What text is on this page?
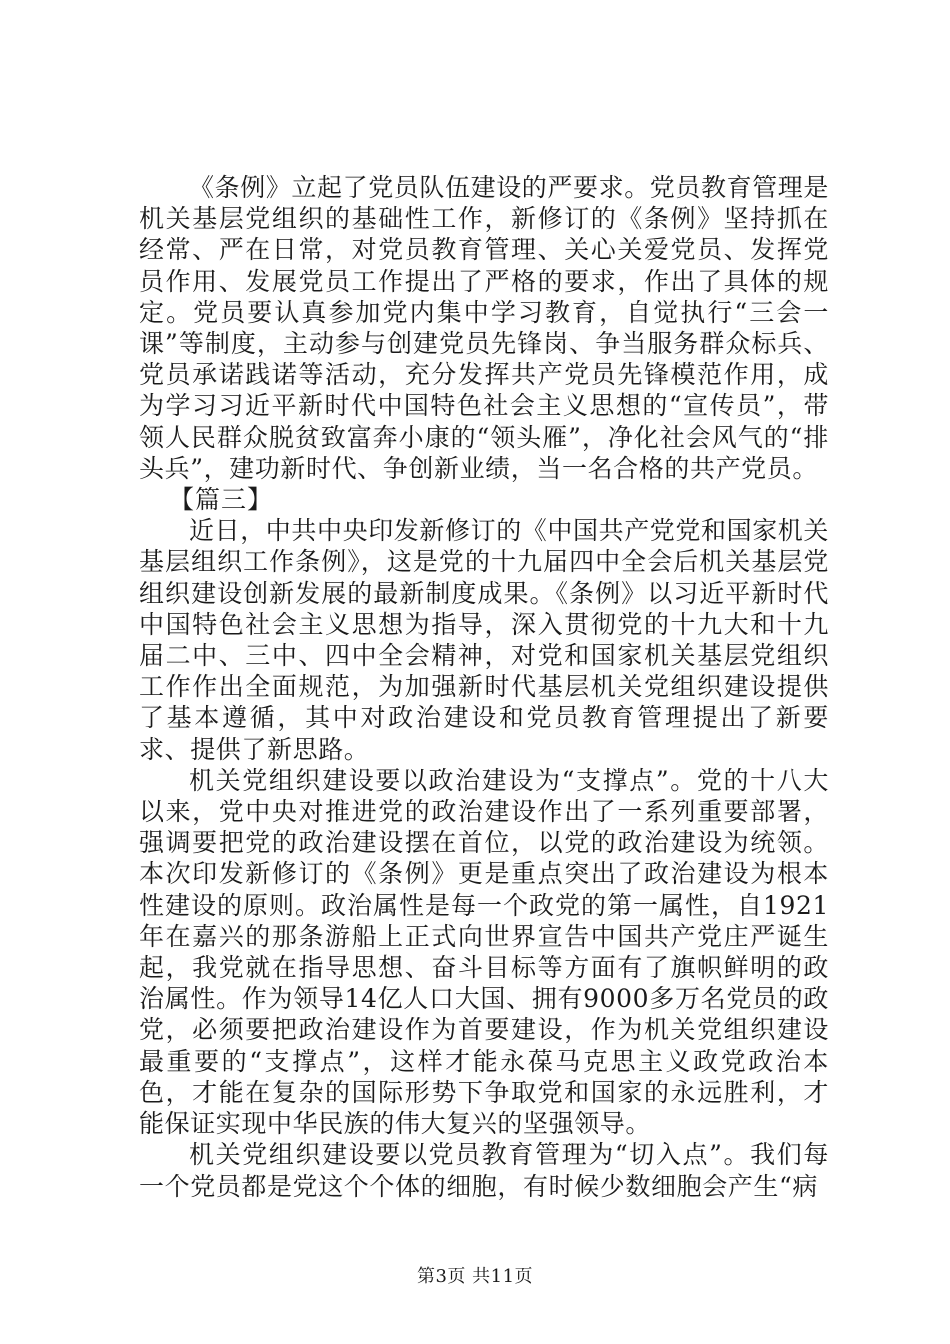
《条例》立起了党员队伍建设的严要求。党员教育管理是机关基层党组织的基础性工作，新修订的《条例》坚持抓在经常、严在日常，对党员教育管理、关心关爱党员、发挥党员作用、发展党员工作提出了严格的要求，作出了具体的规定。党员要认真参加党内集中学习教育，自觉执行“三会一课”等制度，主动参与创建党员先锋岗、争当服务群众标兵、党员承诺践诺等活动，充分发挥共产党员先锋模范作用，成为学习习近平新时代中国特色社会主义思想的“宣传员”，带领人民群众脱贫致富奔小康的“领头雁”，净化社会风气的“排头兵”，建功新时代、争创新业绩，当一名合格的共产党员。

【篇三】

近日，中共中央印发新修订的《中国共产党党和国家机关基层组织工作条例》，这是党的十九届四中全会后机关基层党组织建设创新发展的最新制度成果。《条例》以习近平新时代中国特色社会主义思想为指导，深入贯彻党的十九大和十九届二中、三中、四中全会精神，对党和国家机关基层党组织工作作出全面规范，为加强新时代基层机关党组织建设提供了基本遵循，其中对政治建设和党员教育管理提出了新要求、提供了新思路。

机关党组织建设要以政治建设为“支撑点”。党的十八大以来，党中央对推进党的政治建设作出了一系列重要部署，强调要把党的政治建设摆在首位，以党的政治建设为统领。本次印发新修订的《条例》更是重点突出了政治建设为根本性建设的原则。政治属性是每一个政党的第一属性，自1921年在嘉兴的那条游船上正式向世界宣告中国共产党庄严诞生起，我党就在指导思想、奋斗目标等方面有了旗帜鲜明的政治属性。作为领导14亿人口大国、拥有9000多万名党员的政党，必须要把政治建设作为首要建设，作为机关党组织建设最重要的“支撑点”，这样才能永葆马克思主义政党政治本色，才能在复杂的国际形势下争取党和国家的永远胜利，才能保证实现中华民族的伟大复兴的坚强领导。

机关党组织建设要以党员教育管理为“切入点”。我们每一个党员都是党这个个体的细胞，有时候少数细胞会产生“病

第3页 共11页
